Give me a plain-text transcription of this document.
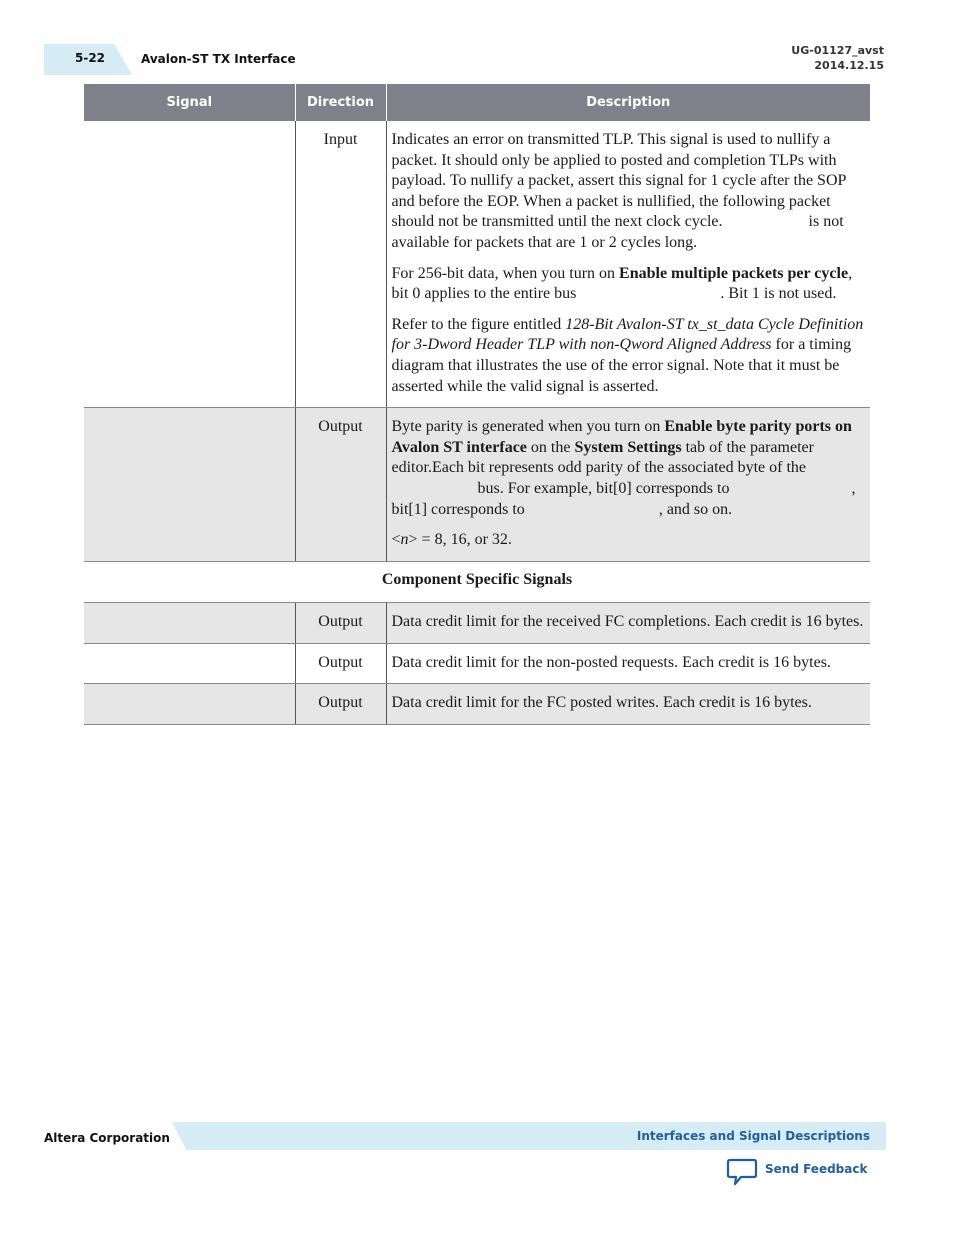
5-22	Avalon-ST TX Interface
UG-01127_avst
2014.12.15
Signal	Direction	Description
	Input	Indicates an error on transmitted TLP. This signal is used to nullify a packet. It should only be applied to posted and completion TLPs with payload. To nullify a packet, assert this signal for 1 cycle after the SOP and before the EOP. When a packet is nullified, the following packet should not be transmitted until the next clock cycle. is not available for packets that are 1 or 2 cycles long.

For 256-bit data, when you turn on Enable multiple packets per cycle, bit 0 applies to the entire bus . Bit 1 is not used.

Refer to the figure entitled 128-Bit Avalon-ST tx_st_data Cycle Definition for 3-Dword Header TLP with non-Qword Aligned Address for a timing diagram that illustrates the use of the error signal. Note that it must be asserted while the valid signal is asserted.

	Output	Byte parity is generated when you turn on Enable byte parity ports on Avalon ST interface on the System Settings tab of the parameter editor.Each bit represents odd parity of the associated byte of the  bus. For example, bit[0] corresponds to , bit[1] corresponds to , and so on.

<n> = 8, 16, or 32.

Component Specific Signals		
	Output	Data credit limit for the received FC completions. Each credit is 16 bytes.
	Output	Data credit limit for the non-posted requests. Each credit is 16 bytes.
	Output	Data credit limit for the FC posted writes. Each credit is 16 bytes.
Altera Corporation	Interfaces and Signal Descriptions
Send Feedback
